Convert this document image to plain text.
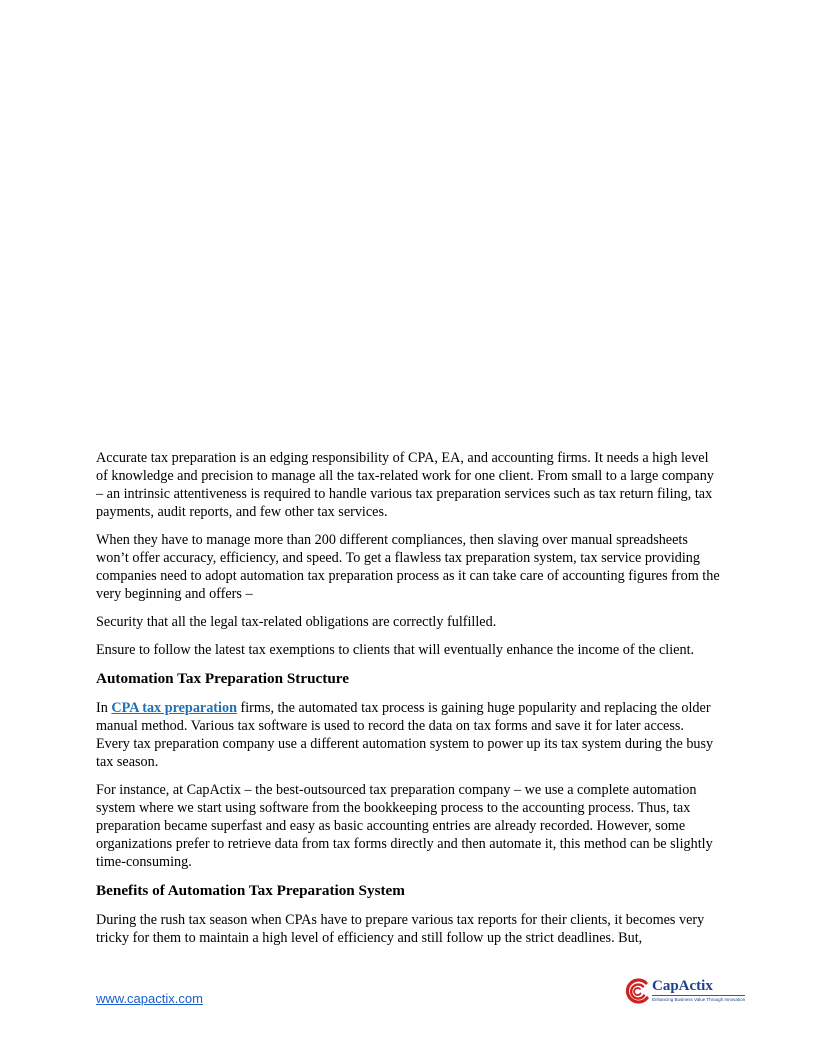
Accurate tax preparation is an edging responsibility of CPA, EA, and accounting firms. It needs a high level of knowledge and precision to manage all the tax-related work for one client. From small to a large company – an intrinsic attentiveness is required to handle various tax preparation services such as tax return filing, tax payments, audit reports, and few other tax services.

When they have to manage more than 200 different compliances, then slaving over manual spreadsheets won’t offer accuracy, efficiency, and speed. To get a flawless tax preparation system, tax service providing companies need to adopt automation tax preparation process as it can take care of accounting figures from the very beginning and offers –

Security that all the legal tax-related obligations are correctly fulfilled.

Ensure to follow the latest tax exemptions to clients that will eventually enhance the income of the client.

Automation Tax Preparation Structure

In CPA tax preparation firms, the automated tax process is gaining huge popularity and replacing the older manual method. Various tax software is used to record the data on tax forms and save it for later access. Every tax preparation company use a different automation system to power up its tax system during the busy tax season.

For instance, at CapActix – the best-outsourced tax preparation company – we use a complete automation system where we start using software from the bookkeeping process to the accounting process. Thus, tax preparation became superfast and easy as basic accounting entries are already recorded. However, some organizations prefer to retrieve data from tax forms directly and then automate it, this method can be slightly time-consuming.

Benefits of Automation Tax Preparation System

During the rush tax season when CPAs have to prepare various tax reports for their clients, it becomes very tricky for them to maintain a high level of efficiency and still follow up the strict deadlines. But,

www.capactix.com
CapActix
Enhancing Business Value Through Innovation
